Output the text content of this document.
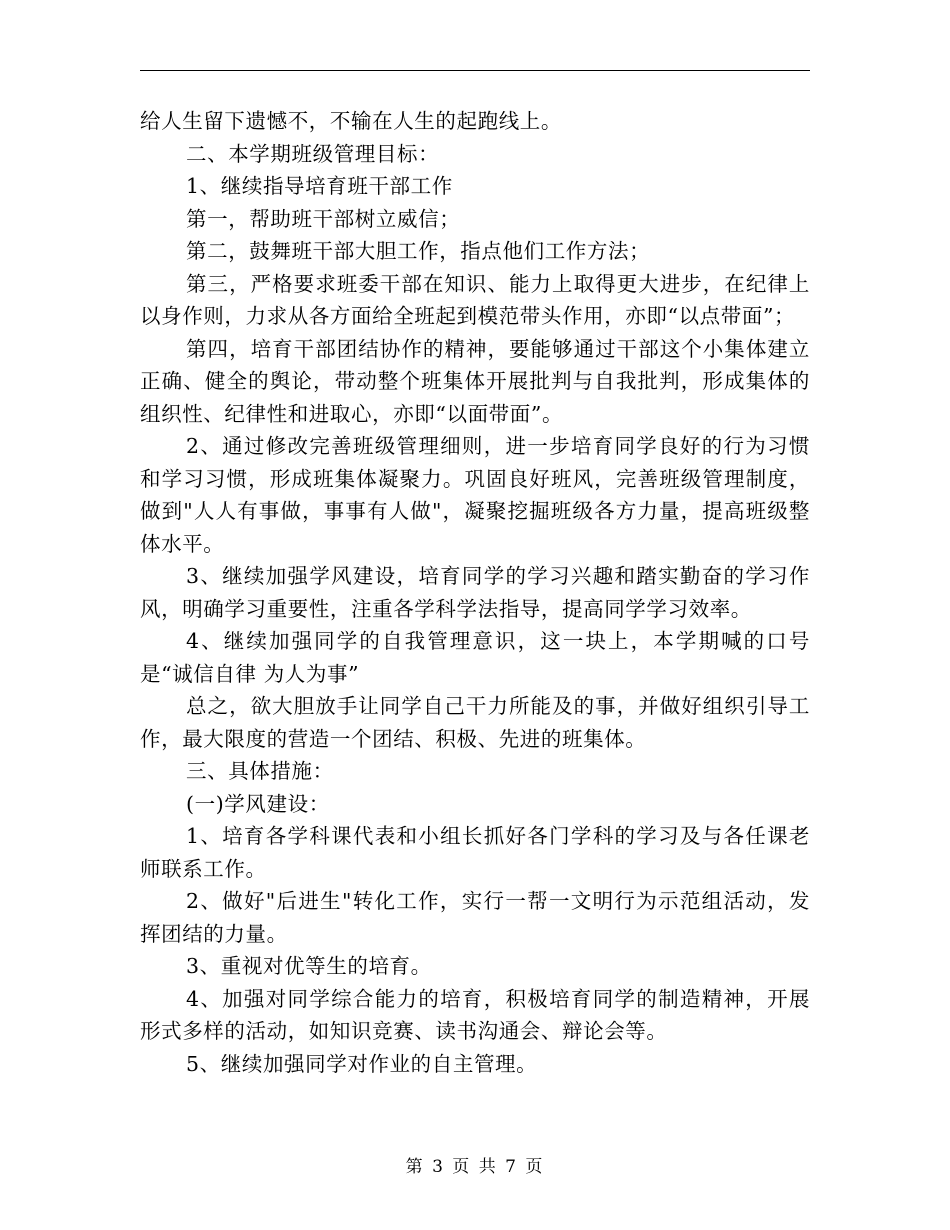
给人生留下遗憾不，不输在人生的起跑线上。

二、本学期班级管理目标：

1、继续指导培育班干部工作

第一，帮助班干部树立威信；

第二，鼓舞班干部大胆工作，指点他们工作方法；

第三，严格要求班委干部在知识、能力上取得更大进步，在纪律上以身作则，力求从各方面给全班起到模范带头作用，亦即“以点带面”；

第四，培育干部团结协作的精神，要能够通过干部这个小集体建立正确、健全的舆论，带动整个班集体开展批判与自我批判，形成集体的组织性、纪律性和进取心，亦即“以面带面”。

2、通过修改完善班级管理细则，进一步培育同学良好的行为习惯和学习习惯，形成班集体凝聚力。巩固良好班风，完善班级管理制度，做到"人人有事做，事事有人做"，凝聚挖掘班级各方力量，提高班级整体水平。

3、继续加强学风建设，培育同学的学习兴趣和踏实勤奋的学习作风，明确学习重要性，注重各学科学法指导，提高同学学习效率。

4、继续加强同学的自我管理意识，这一块上，本学期喊的口号是“诚信自律 为人为事”

总之，欲大胆放手让同学自己干力所能及的事，并做好组织引导工作，最大限度的营造一个团结、积极、先进的班集体。

三、具体措施：

(一)学风建设：

1、培育各学科课代表和小组长抓好各门学科的学习及与各任课老师联系工作。

2、做好"后进生"转化工作，实行一帮一文明行为示范组活动，发挥团结的力量。

3、重视对优等生的培育。

4、加强对同学综合能力的培育，积极培育同学的制造精神，开展形式多样的活动，如知识竞赛、读书沟通会、辩论会等。

5、继续加强同学对作业的自主管理。

第 3 页 共 7 页
